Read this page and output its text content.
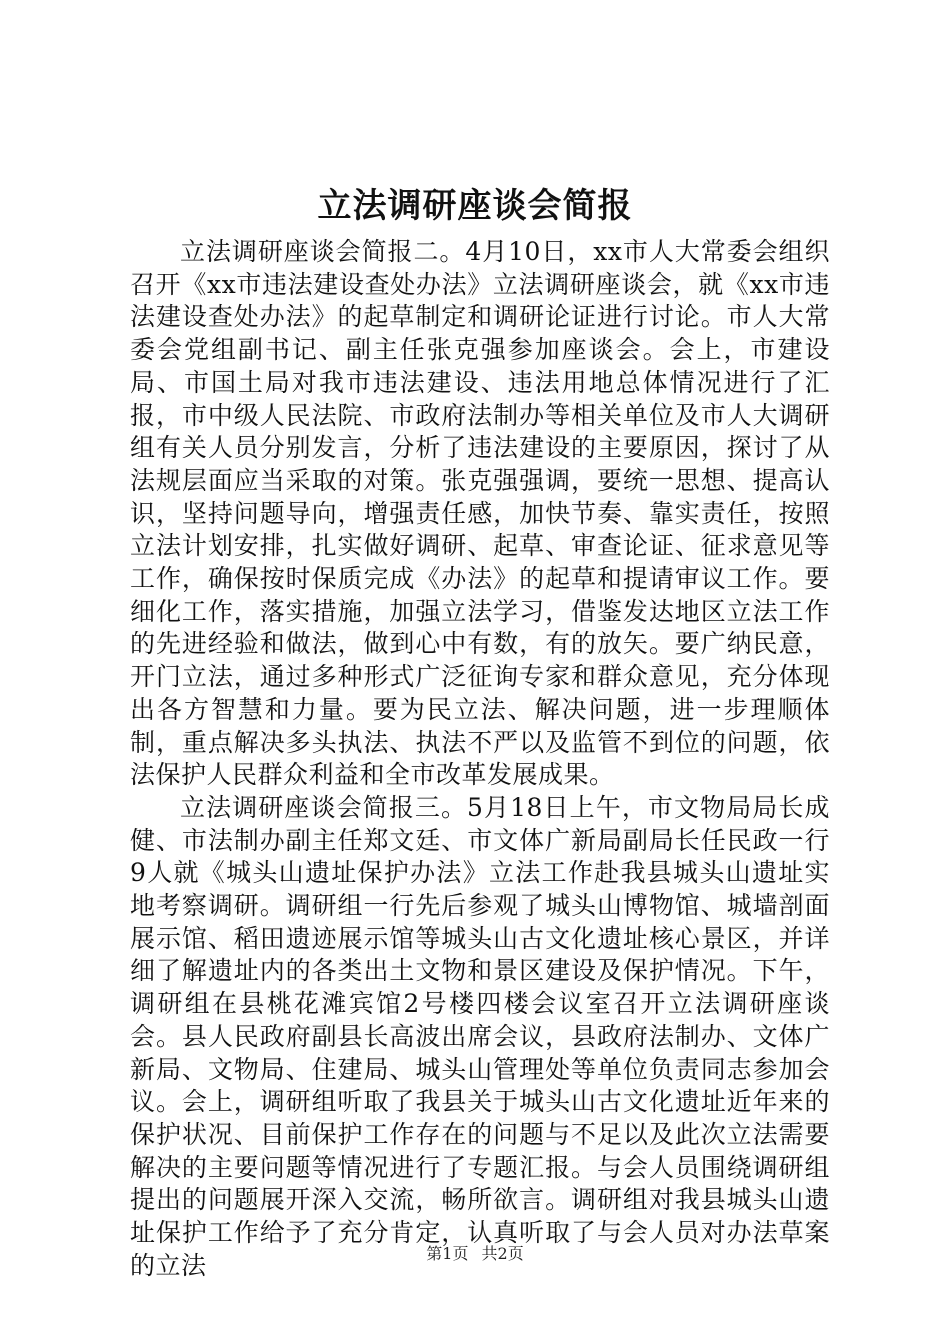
立法调研座谈会简报

立法调研座谈会简报二。4月10日，xx市人大常委会组织召开《xx市违法建设查处办法》立法调研座谈会，就《xx市违法建设查处办法》的起草制定和调研论证进行讨论。市人大常委会党组副书记、副主任张克强参加座谈会。会上，市建设局、市国土局对我市违法建设、违法用地总体情况进行了汇报，市中级人民法院、市政府法制办等相关单位及市人大调研组有关人员分别发言，分析了违法建设的主要原因，探讨了从法规层面应当采取的对策。张克强强调，要统一思想、提高认识，坚持问题导向，增强责任感，加快节奏、靠实责任，按照立法计划安排，扎实做好调研、起草、审查论证、征求意见等工作，确保按时保质完成《办法》的起草和提请审议工作。要细化工作，落实措施，加强立法学习，借鉴发达地区立法工作的先进经验和做法，做到心中有数，有的放矢。要广纳民意，开门立法，通过多种形式广泛征询专家和群众意见，充分体现出各方智慧和力量。要为民立法、解决问题，进一步理顺体制，重点解决多头执法、执法不严以及监管不到位的问题，依法保护人民群众利益和全市改革发展成果。

立法调研座谈会简报三。5月18日上午，市文物局局长成健、市法制办副主任郑文廷、市文体广新局副局长任民政一行9人就《城头山遗址保护办法》立法工作赴我县城头山遗址实地考察调研。调研组一行先后参观了城头山博物馆、城墙剖面展示馆、稻田遗迹展示馆等城头山古文化遗址核心景区，并详细了解遗址内的各类出土文物和景区建设及保护情况。下午，调研组在县桃花滩宾馆2号楼四楼会议室召开立法调研座谈会。县人民政府副县长高波出席会议，县政府法制办、文体广新局、文物局、住建局、城头山管理处等单位负责同志参加会议。会上，调研组听取了我县关于城头山古文化遗址近年来的保护状况、目前保护工作存在的问题与不足以及此次立法需要解决的主要问题等情况进行了专题汇报。与会人员围绕调研组提出的问题展开深入交流，畅所欲言。调研组对我县城头山遗址保护工作给予了充分肯定，认真听取了与会人员对办法草案的立法	第1页 共2页
